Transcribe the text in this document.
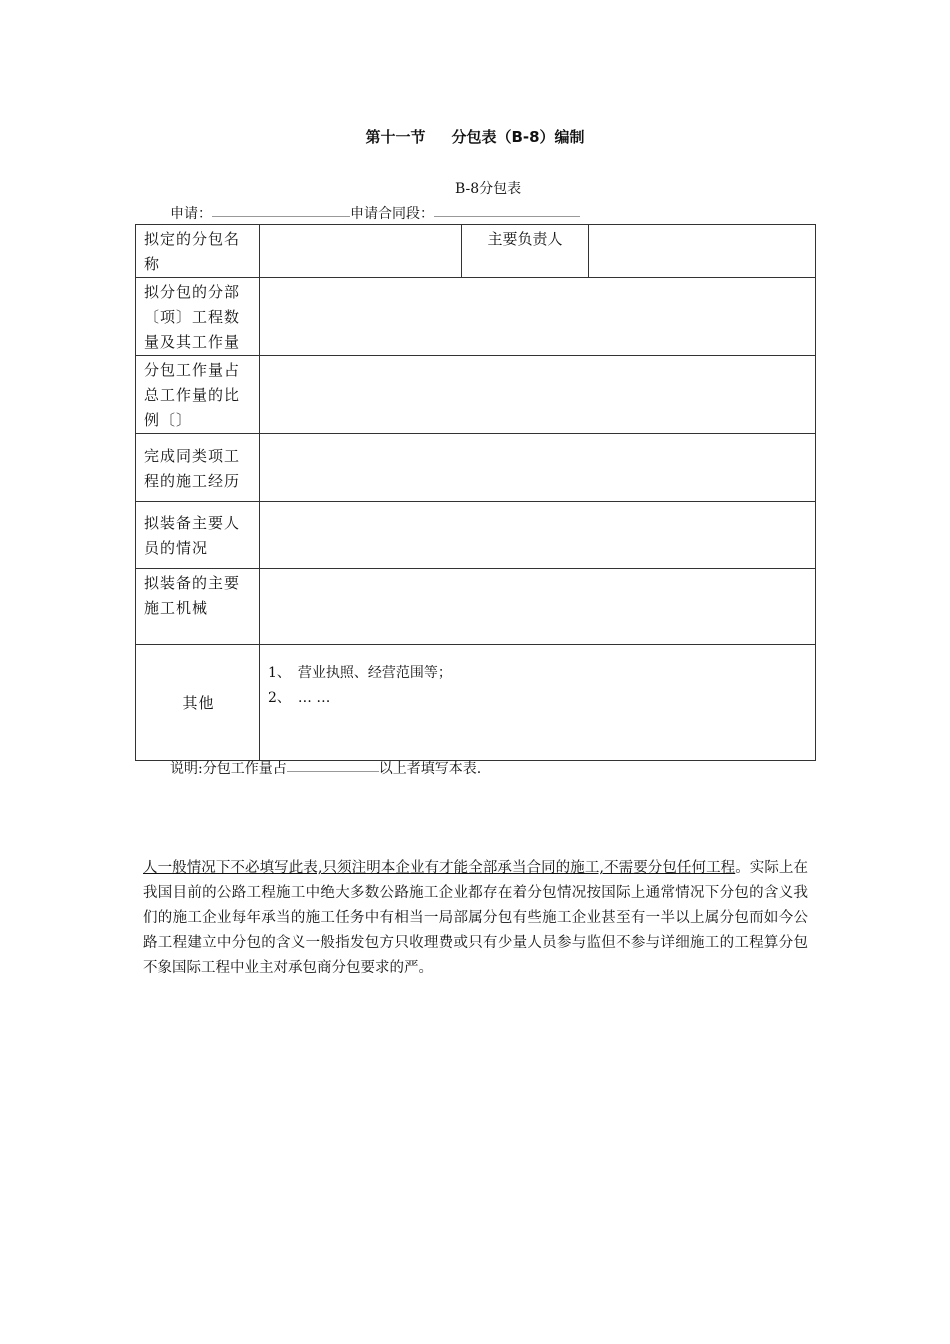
第十一节 分包表（B-8）编制
B-8分包表
申请：	申请合同段：
拟定的分包名称		主要负责人	
拟分包的分部〔项〕工程数量及其工作量			
分包工作量占总工作量的比例〔〕			
完成同类项工程的施工经历			
拟装备主要人员的情况			
拟装备的主要施工机械			
其他	1、　营业执照、经营范围等；
2、　… …		
说明:分包工作量占	以上者填写本表.
人一般情况下不必填写此表,只须注明本企业有才能全部承当合同的施工,不需要分包任何工程。实际上在我国目前的公路工程施工中绝大多数公路施工企业都存在着分包情况按国际上通常情况下分包的含义我们的施工企业每年承当的施工任务中有相当一局部属分包有些施工企业甚至有一半以上属分包而如今公路工程建立中分包的含义一般指发包方只收理费或只有少量人员参与监但不参与详细施工的工程算分包不象国际工程中业主对承包商分包要求的严。
